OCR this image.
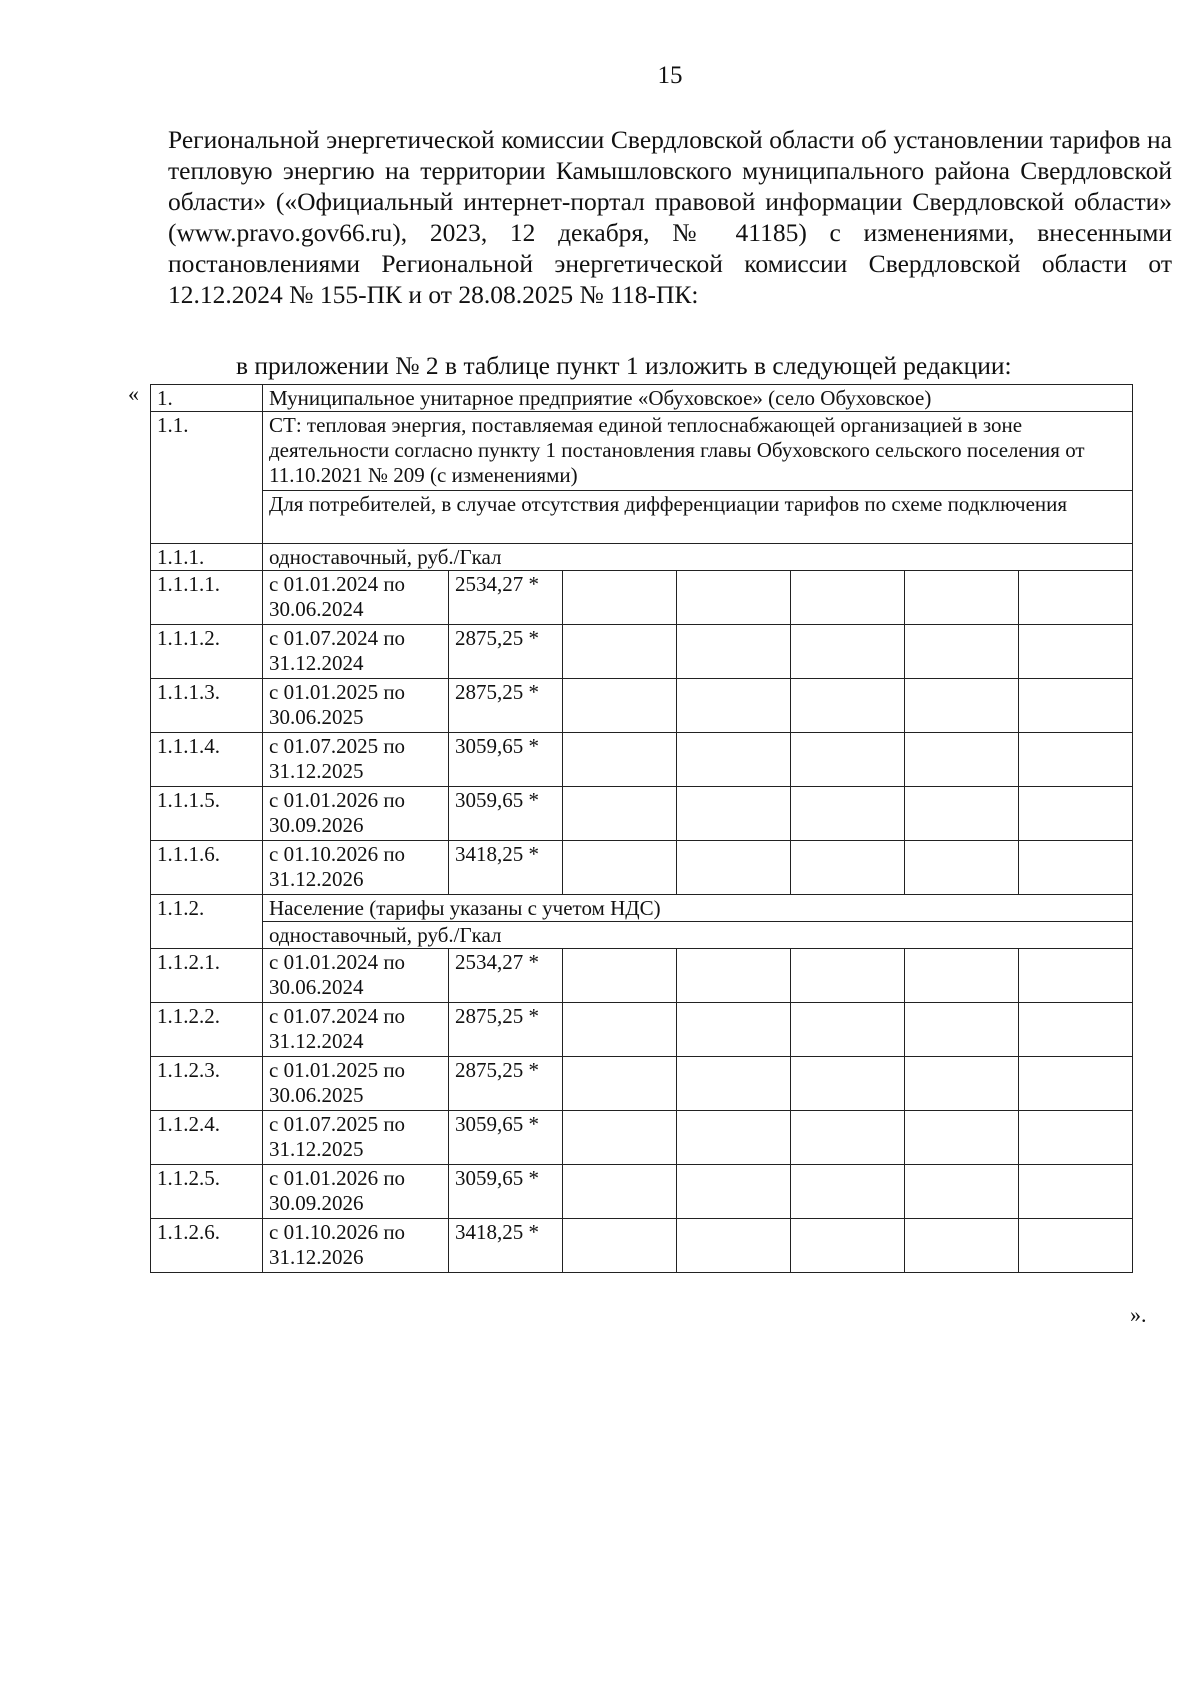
15

Региональной энергетической комиссии Свердловской области об установлении тарифов на тепловую энергию на территории Камышловского муниципального района Свердловской области» («Официальный интернет-портал правовой информации Свердловской области» (www.pravo.gov66.ru), 2023, 12 декабря, № 41185) с изменениями, внесенными постановлениями Региональной энергетической комиссии Свердловской области от 12.12.2024 № 155-ПК и от 28.08.2025 № 118-ПК:

в приложении № 2 в таблице пункт 1 изложить в следующей редакции:

« 1.	Муниципальное унитарное предприятие «Обуховское» (село Обуховское)						
1.1.	СТ: тепловая энергия, поставляемая единой теплоснабжающей организацией в зоне деятельности согласно пункту 1 постановления главы Обуховского сельского поселения от 11.10.2021 № 209 (с изменениями)						
	Для потребителей, в случае отсутствия дифференциации тарифов по схеме подключения						
1.1.1.	одноставочный, руб./Гкал						
1.1.1.1.	с 01.01.2024 по 30.06.2024	2534,27 *					
1.1.1.2.	с 01.07.2024 по 31.12.2024	2875,25 *					
1.1.1.3.	с 01.01.2025 по 30.06.2025	2875,25 *					
1.1.1.4.	с 01.07.2025 по 31.12.2025	3059,65 *					
1.1.1.5.	с 01.01.2026 по 30.09.2026	3059,65 *					
1.1.1.6.	с 01.10.2026 по 31.12.2026	3418,25 *					
1.1.2.	Население (тарифы указаны с учетом НДС)						
	одноставочный, руб./Гкал						
1.1.2.1.	с 01.01.2024 по 30.06.2024	2534,27 *					
1.1.2.2.	с 01.07.2024 по 31.12.2024	2875,25 *					
1.1.2.3.	с 01.01.2025 по 30.06.2025	2875,25 *					
1.1.2.4.	с 01.07.2025 по 31.12.2025	3059,65 *					
1.1.2.5.	с 01.01.2026 по 30.09.2026	3059,65 *					
1.1.2.6.	с 01.10.2026 по 31.12.2026	3418,25 *					
».
